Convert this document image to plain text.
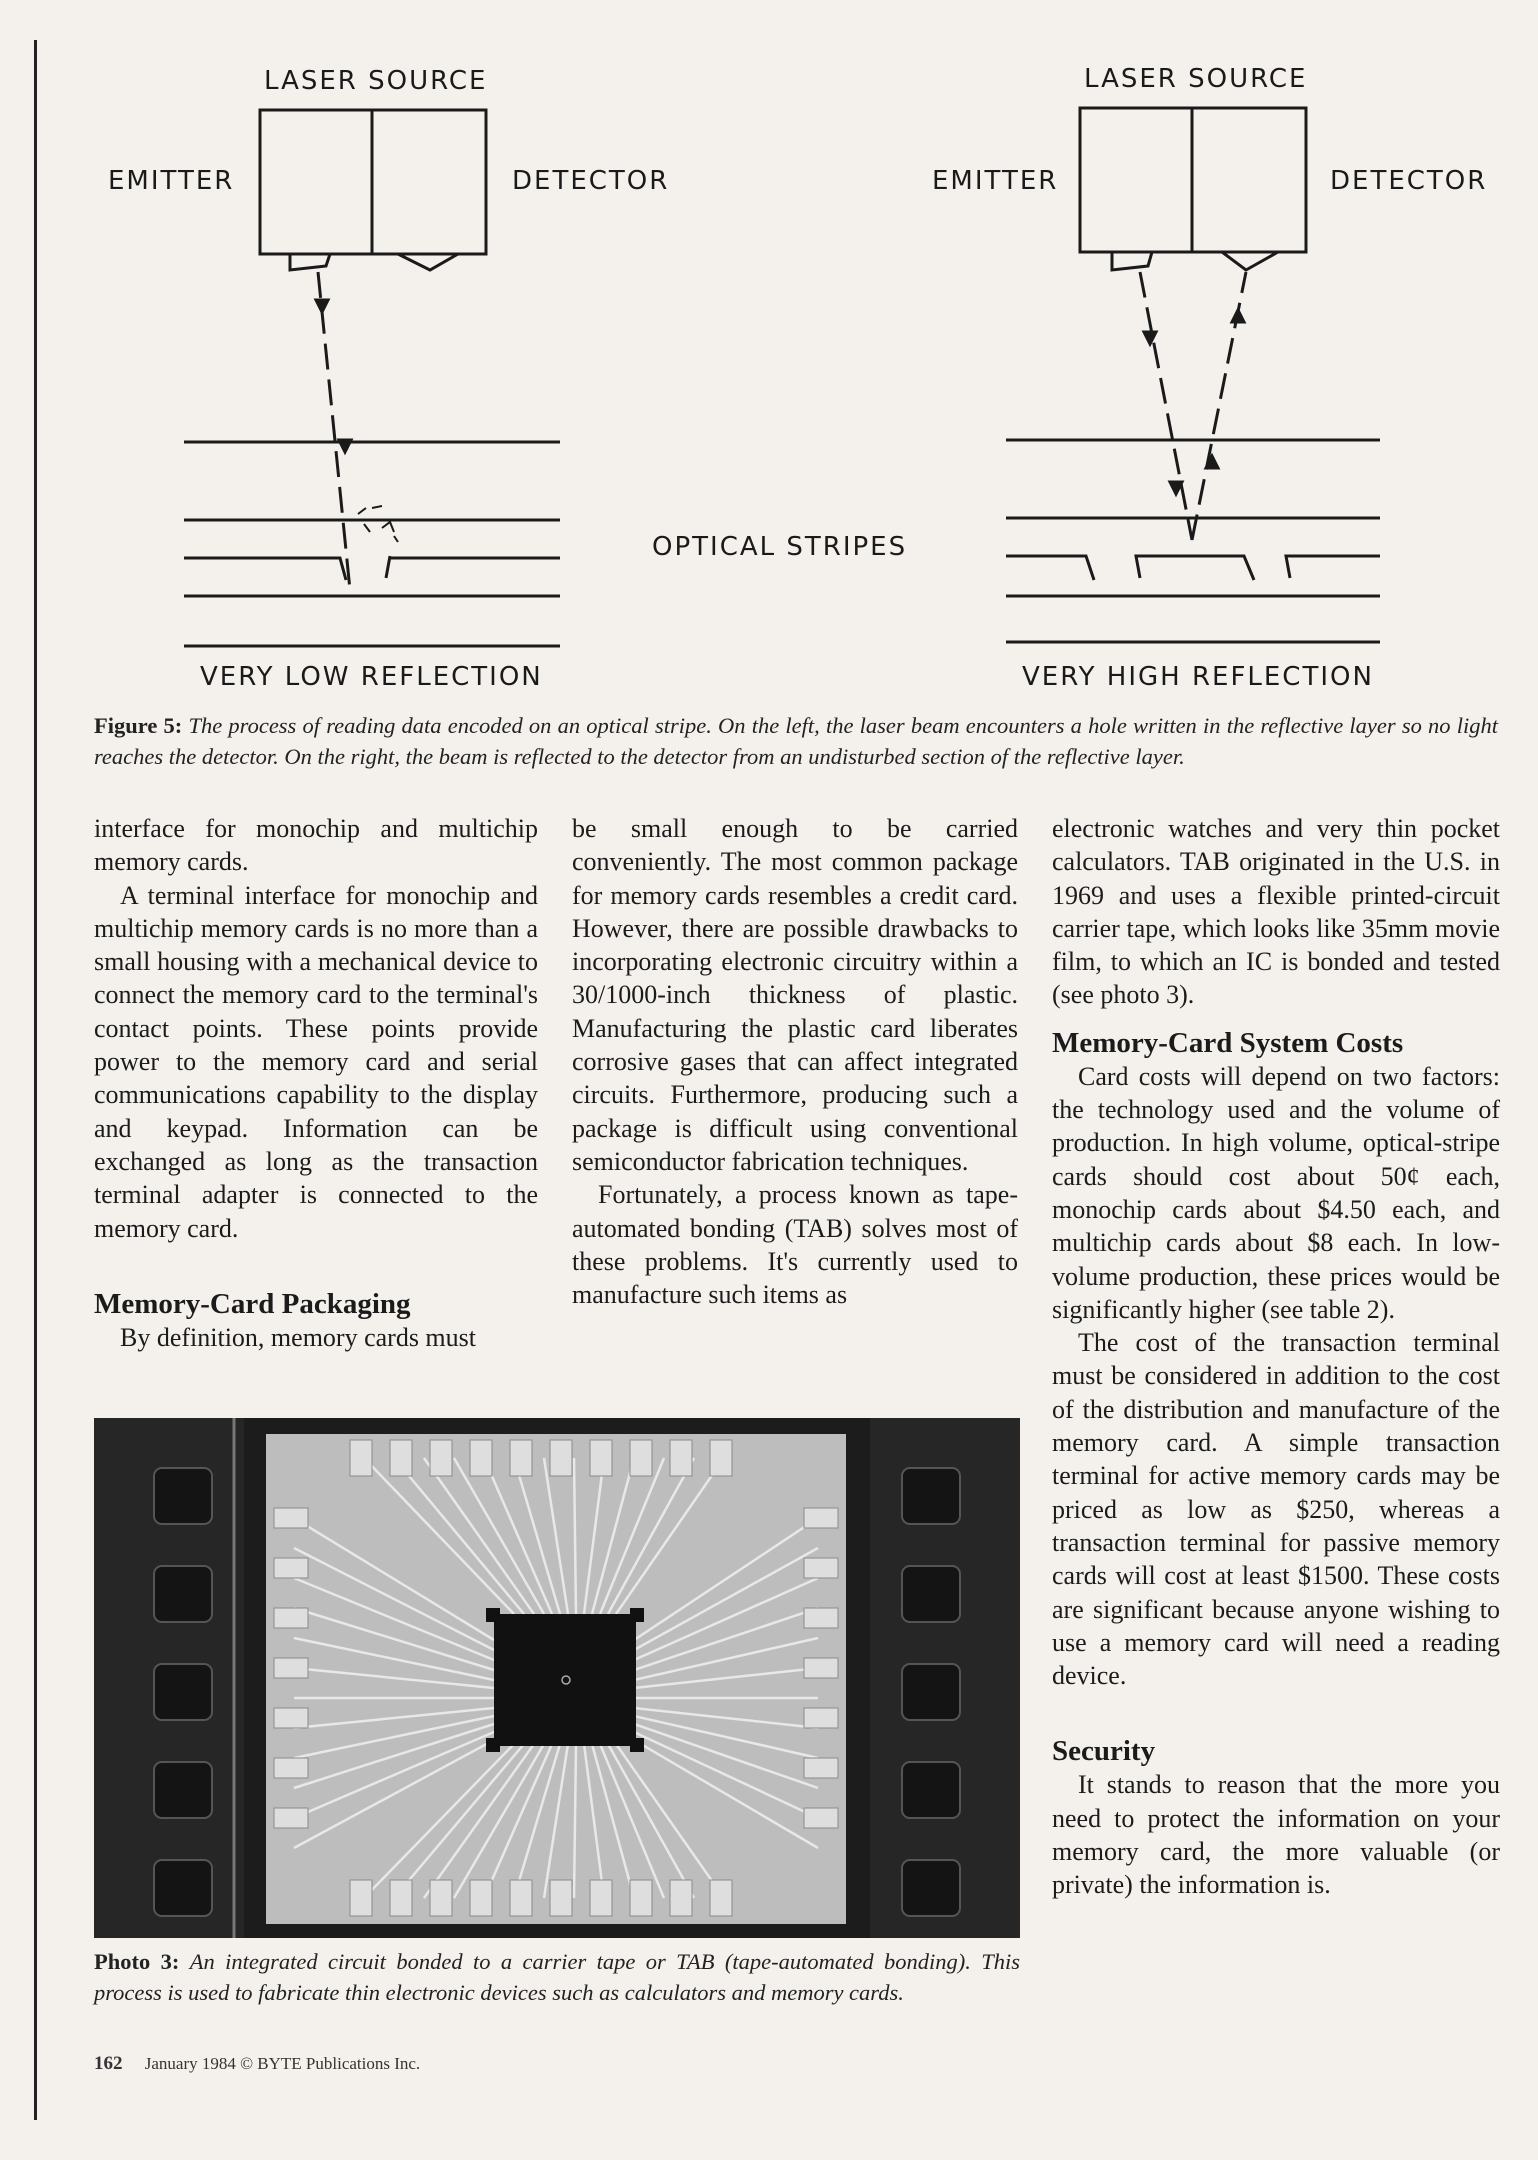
LASER SOURCE
EMITTER	DETECTOR
VERY LOW REFLECTION
LASER SOURCE
EMITTER	DETECTOR
VERY HIGH REFLECTION
OPTICAL STRIPES
Figure 5: The process of reading data encoded on an optical stripe. On the left, the laser beam encounters a hole written in the reflective layer so no light reaches the detector. On the right, the beam is reflected to the detector from an undisturbed section of the reflective layer.

interface for monochip and multichip memory cards.

A terminal interface for monochip and multichip memory cards is no more than a small housing with a mechanical device to connect the memory card to the terminal's contact points. These points provide power to the memory card and serial communications capability to the display and keypad. Information can be exchanged as long as the transaction terminal adapter is connected to the memory card.

Memory-Card Packaging

By definition, memory cards must

be small enough to be carried conveniently. The most common package for memory cards resembles a credit card. However, there are possible drawbacks to incorporating electronic circuitry within a 30/1000-inch thickness of plastic. Manufacturing the plastic card liberates corrosive gases that can affect integrated circuits. Furthermore, producing such a package is difficult using conventional semiconductor fabrication techniques.

Fortunately, a process known as tape-automated bonding (TAB) solves most of these problems. It's currently used to manufacture such items as

electronic watches and very thin pocket calculators. TAB originated in the U.S. in 1969 and uses a flexible printed-circuit carrier tape, which looks like 35mm movie film, to which an IC is bonded and tested (see photo 3).

Memory-Card System Costs

Card costs will depend on two factors: the technology used and the volume of production. In high volume, optical-stripe cards should cost about 50¢ each, monochip cards about $4.50 each, and multichip cards about $8 each. In low-volume production, these prices would be significantly higher (see table 2).

The cost of the transaction terminal must be considered in addition to the cost of the distribution and manufacture of the memory card. A simple transaction terminal for active memory cards may be priced as low as $250, whereas a transaction terminal for passive memory cards will cost at least $1500. These costs are significant because anyone wishing to use a memory card will need a reading device.

Security

It stands to reason that the more you need to protect the information on your memory card, the more valuable (or private) the information is.

Photo 3: An integrated circuit bonded to a carrier tape or TAB (tape-automated bonding). This process is used to fabricate thin electronic devices such as calculators and memory cards.
162 January 1984 © BYTE Publications Inc.
